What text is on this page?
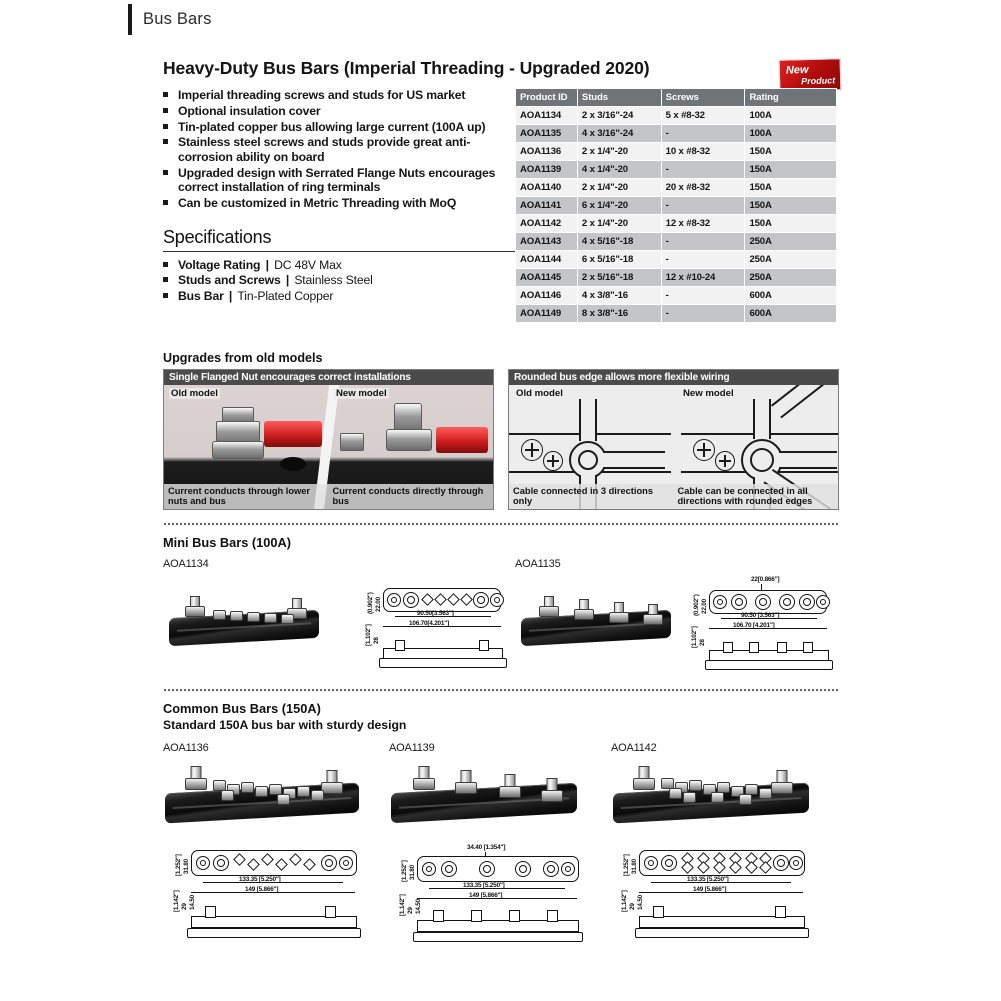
Bus Bars
New
Product
Heavy-Duty Bus Bars (Imperial Threading - Upgraded 2020)
Imperial threading screws and studs for US market
Optional insulation cover
Tin-plated copper bus allowing large current (100A up)
Stainless steel screws and studs provide great anti-corrosion ability on board
Upgraded design with Serrated Flange Nuts encourages correct installation of ring terminals
Can be customized in Metric Threading with MoQ
Specifications
Voltage Rating | DC 48V Max
Studs and Screws | Stainless Steel
Bus Bar | Tin-Plated Copper
Product ID	Studs	Screws	Rating
AOA1134	2 x 3/16"-24	5 x #8-32	100A
AOA1135	4 x 3/16"-24	-	100A
AOA1136	2 x 1/4"-20	10 x #8-32	150A
AOA1139	4 x 1/4"-20	-	150A
AOA1140	2 x 1/4"-20	20 x #8-32	150A
AOA1141	6 x 1/4"-20	-	150A
AOA1142	2 x 1/4"-20	12 x #8-32	150A
AOA1143	4 x 5/16"-18	-	250A
AOA1144	6 x 5/16"-18	-	250A
AOA1145	2 x 5/16"-18	12 x #10-24	250A
AOA1146	4 x 3/8"-16	-	600A
AOA1149	8 x 3/8"-16	-	600A
Upgrades from old models
Single Flanged Nut encourages correct installations
Old model	New model
Current conducts through lower nuts and bus
Current conducts directly through bus
Rounded bus edge allows more flexible wiring
Old model	New model
Cable connected in 3 directions only
Cable can be connected in all directions with rounded edges
Mini Bus Bars (100A)
AOA1134
90.50[3.563"]
106.70[4.201"]
22.00
(0.902")
28
[1.102"]
AOA1135
22[0.866"]
90.50 [3.563"]
106.70 [4.201"]
22.00
(0.902")
28
[1.102"]
Common Bus Bars (150A)
Standard 150A bus bar with sturdy design
AOA1136	AOA1139	AOA1142
133.35 [5.250"]
149 [5.866"]
31.80
[1.252"]
29
[1.142"] 14.50
34.40 [1.354"]
133.35 [5.250"]
149 [5.866"]
31.80
[1.252"]
29
[1.142"] 14.50
133.35 [5.250"]
149 [5.866"]
31.80
[1.252"]
29
[1.142"] 14.50
